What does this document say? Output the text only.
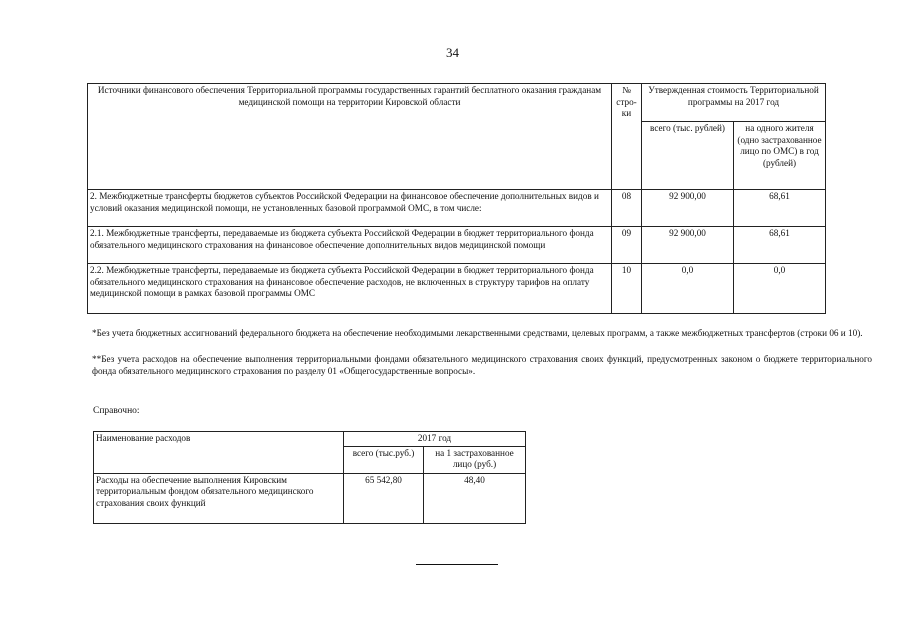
34
Источники финансового обеспечения Территориальной программы государственных гарантий бесплатного оказания гражданам медицинской помощи на территории Кировской области	№ стро-ки	Утвержденная стоимость Территориальной программы на 2017 год	
		всего (тыс. рублей)	на одного жителя (одно застрахованное лицо по ОМС) в год (рублей)
2. Межбюджетные трансферты бюджетов субъектов Российской Федерации на финансовое обеспечение дополнительных видов и условий оказания медицинской помощи, не установленных базовой программой ОМС, в том числе:	08	92 900,00	68,61
2.1. Межбюджетные трансферты, передаваемые из бюджета субъекта Российской Федерации в бюджет территориального фонда обязательного медицинского страхования на финансовое обеспечение дополнительных видов медицинской помощи	09	92 900,00	68,61
2.2. Межбюджетные трансферты, передаваемые из бюджета субъекта Российской Федерации в бюджет территориального фонда обязательного медицинского страхования на финансовое обеспечение расходов, не включенных в структуру тарифов на оплату медицинской помощи в рамках базовой программы ОМС	10	0,0	0,0
*Без учета бюджетных ассигнований федерального бюджета на обеспечение необходимыми лекарственными средствами, целевых программ, а также межбюджетных трансфертов (строки 06 и 10).
**Без учета расходов на обеспечение выполнения территориальными фондами обязательного медицинского страхования своих функций, предусмотренных законом о бюджете территориального фонда обязательного медицинского страхования по разделу 01 «Общегосударственные вопросы».
Справочно:
Наименование расходов	2017 год	
	всего (тыс.руб.)	на 1 застрахованное лицо (руб.)
Расходы на обеспечение выполнения Кировским территориальным фондом обязательного медицинского страхования своих функций	65 542,80	48,40
